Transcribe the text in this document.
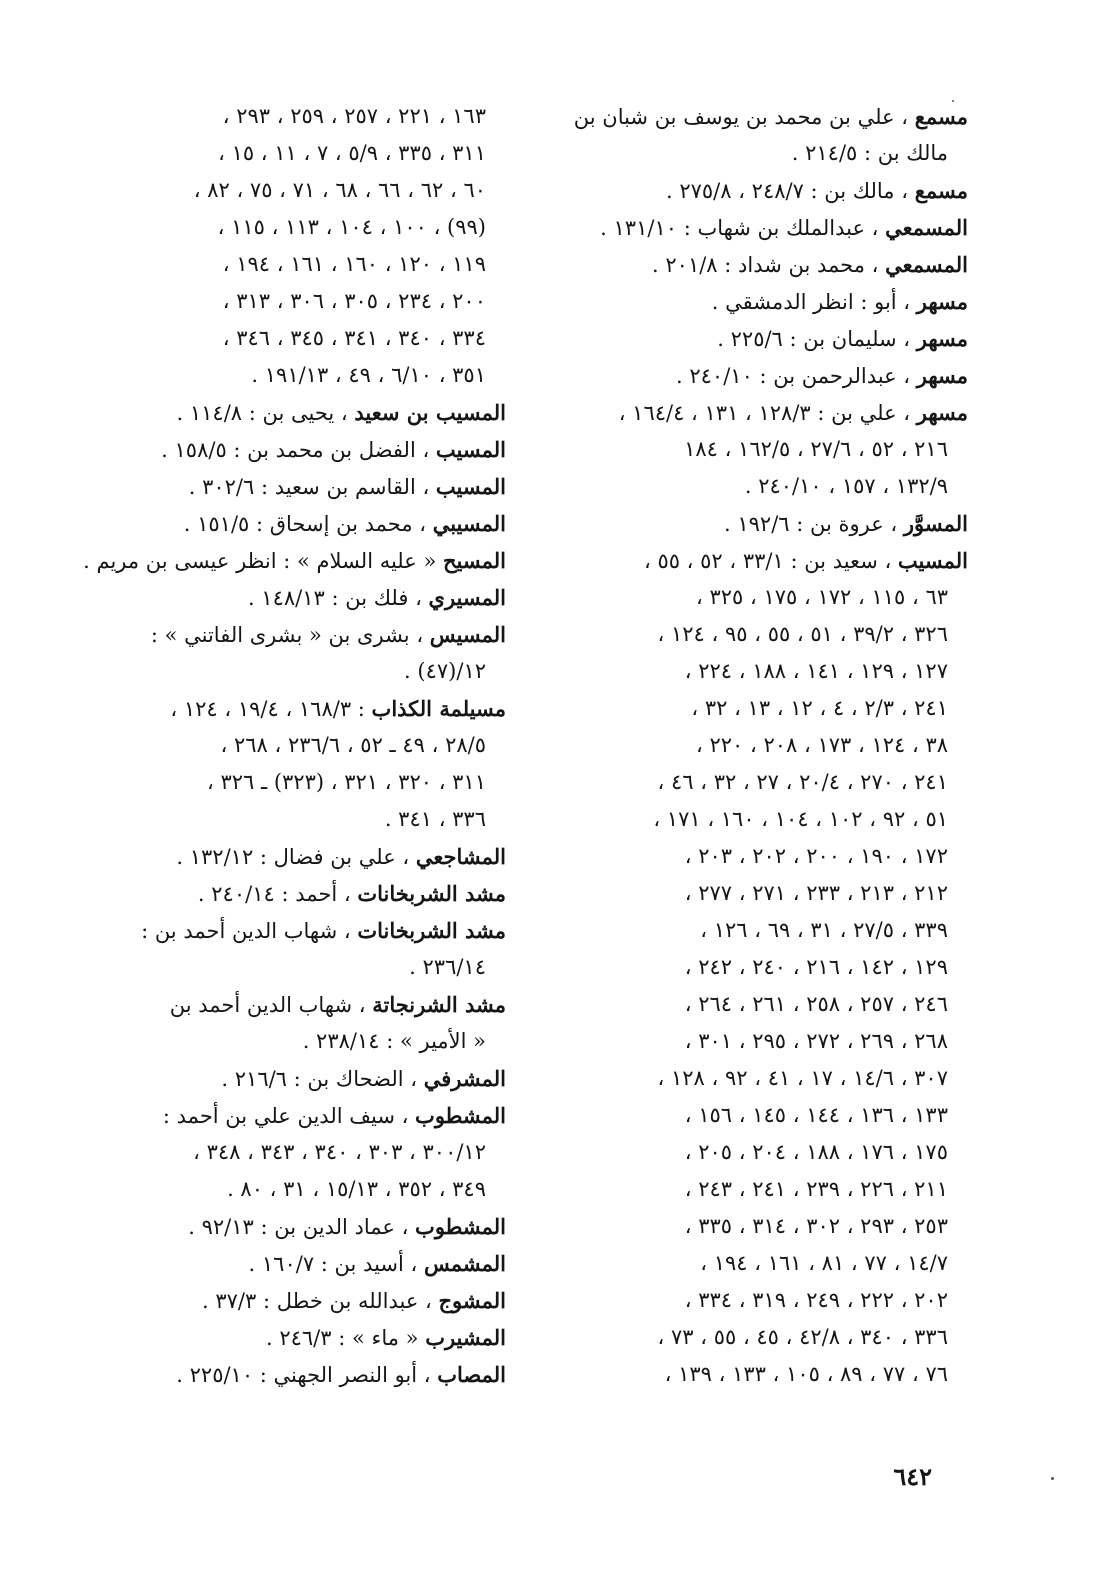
مسمع ، علي بن محمد بن يوسف بن شبان بن
مالك بن : ٢١٤/٥ .
مسمع ، مالك بن : ٢٤٨/٧ ، ٢٧٥/٨ .
المسمعي ، عبدالملك بن شهاب : ١٣١/١٠ .
المسمعي ، محمد بن شداد : ٢٠١/٨ .
مسهر ، أبو : انظر الدمشقي .
مسهر ، سليمان بن : ٢٢٥/٦ .
مسهر ، عبدالرحمن بن : ٢٤٠/١٠ .
مسهر ، علي بن : ١٢٨/٣ ، ١٣١ ، ١٦٤/٤ ،
٢١٦ ، ٥٢ ، ٢٧/٦ ، ١٦٢/٥ ، ١٨٤
١٣٢/٩ ، ١٥٧ ، ٢٤٠/١٠ .
المسوَّر ، عروة بن : ١٩٢/٦ .
المسيب ، سعيد بن : ٣٣/١ ، ٥٢ ، ٥٥ ،
٦٣ ، ١١٥ ، ١٧٢ ، ١٧٥ ، ٣٢٥ ،
٣٢٦ ، ٣٩/٢ ، ٥١ ، ٥٥ ، ٩٥ ، ١٢٤ ،
١٢٧ ، ١٢٩ ، ١٤١ ، ١٨٨ ، ٢٢٤ ،
٢٤١ ، ٢/٣ ، ٤ ، ١٢ ، ١٣ ، ٣٢ ،
٣٨ ، ١٢٤ ، ١٧٣ ، ٢٠٨ ، ٢٢٠ ،
٢٤١ ، ٢٧٠ ، ٢٠/٤ ، ٢٧ ، ٣٢ ، ٤٦ ،
٥١ ، ٩٢ ، ١٠٢ ، ١٠٤ ، ١٦٠ ، ١٧١ ،
١٧٢ ، ١٩٠ ، ٢٠٠ ، ٢٠٢ ، ٢٠٣ ،
٢١٢ ، ٢١٣ ، ٢٣٣ ، ٢٧١ ، ٢٧٧ ،
٣٣٩ ، ٢٧/٥ ، ٣١ ، ٦٩ ، ١٢٦ ،
١٢٩ ، ١٤٢ ، ٢١٦ ، ٢٤٠ ، ٢٤٢ ،
٢٤٦ ، ٢٥٧ ، ٢٥٨ ، ٢٦١ ، ٢٦٤ ،
٢٦٨ ، ٢٦٩ ، ٢٧٢ ، ٢٩٥ ، ٣٠١ ،
٣٠٧ ، ١٤/٦ ، ١٧ ، ٤١ ، ٩٢ ، ١٢٨ ،
١٣٣ ، ١٣٦ ، ١٤٤ ، ١٤٥ ، ١٥٦ ،
١٧٥ ، ١٧٦ ، ١٨٨ ، ٢٠٤ ، ٢٠٥ ،
٢١١ ، ٢٢٦ ، ٢٣٩ ، ٢٤١ ، ٢٤٣ ،
٢٥٣ ، ٢٩٣ ، ٣٠٢ ، ٣١٤ ، ٣٣٥ ،
١٤/٧ ، ٧٧ ، ٨١ ، ١٦١ ، ١٩٤ ،
٢٠٢ ، ٢٢٢ ، ٢٤٩ ، ٣١٩ ، ٣٣٤ ،
٣٣٦ ، ٣٤٠ ، ٤٢/٨ ، ٤٥ ، ٥٥ ، ٧٣ ،
٧٦ ، ٧٧ ، ٨٩ ، ١٠٥ ، ١٣٣ ، ١٣٩ ،
١٦٣ ، ٢٢١ ، ٢٥٧ ، ٢٥٩ ، ٢٩٣ ،
٣١١ ، ٣٣٥ ، ٥/٩ ، ٧ ، ١١ ، ١٥ ،
٦٠ ، ٦٢ ، ٦٦ ، ٦٨ ، ٧١ ، ٧٥ ، ٨٢ ،
(٩٩) ، ١٠٠ ، ١٠٤ ، ١١٣ ، ١١٥ ،
١١٩ ، ١٢٠ ، ١٦٠ ، ١٦١ ، ١٩٤ ،
٢٠٠ ، ٢٣٤ ، ٣٠٥ ، ٣٠٦ ، ٣١٣ ،
٣٣٤ ، ٣٤٠ ، ٣٤١ ، ٣٤٥ ، ٣٤٦ ،
٣٥١ ، ٦/١٠ ، ٤٩ ، ١٩١/١٣ .
المسيب بن سعيد ، يحيى بن : ١١٤/٨ .
المسيب ، الفضل بن محمد بن : ١٥٨/٥ .
المسيب ، القاسم بن سعيد : ٣٠٢/٦ .
المسيبي ، محمد بن إسحاق : ١٥١/٥ .
المسيح « عليه السلام » : انظر عيسى بن مريم .
المسيري ، فلك بن : ١٤٨/١٣ .
المسيس ، بشرى بن « بشرى الفاتني » :
١٢/(٤٧) .
مسيلمة الكذاب : ١٦٨/٣ ، ١٩/٤ ، ١٢٤ ،
٢٨/٥ ، ٤٩ ـ ٥٢ ، ٢٣٦/٦ ، ٢٦٨ ،
٣١١ ، ٣٢٠ ، ٣٢١ ، (٣٢٣) ـ ٣٢٦ ،
٣٣٦ ، ٣٤١ .
المشاجعي ، علي بن فضال : ١٣٢/١٢ .
مشد الشربخانات ، أحمد : ٢٤٠/١٤ .
مشد الشربخانات ، شهاب الدين أحمد بن :
٢٣٦/١٤ .
مشد الشرنجاتة ، شهاب الدين أحمد بن
« الأمير » : ٢٣٨/١٤ .
المشرفي ، الضحاك بن : ٢١٦/٦ .
المشطوب ، سيف الدين علي بن أحمد :
٣٠٠/١٢ ، ٣٠٣ ، ٣٤٠ ، ٣٤٣ ، ٣٤٨ ،
٣٤٩ ، ٣٥٢ ، ١٥/١٣ ، ٣١ ، ٨٠ .
المشطوب ، عماد الدين بن : ٩٢/١٣ .
المشمس ، أسيد بن : ١٦٠/٧ .
المشوج ، عبدالله بن خطل : ٣٧/٣ .
المشيرب « ماء » : ٢٤٦/٣ .
المصاب ، أبو النصر الجهني : ٢٢٥/١٠ .
٦٤٢
